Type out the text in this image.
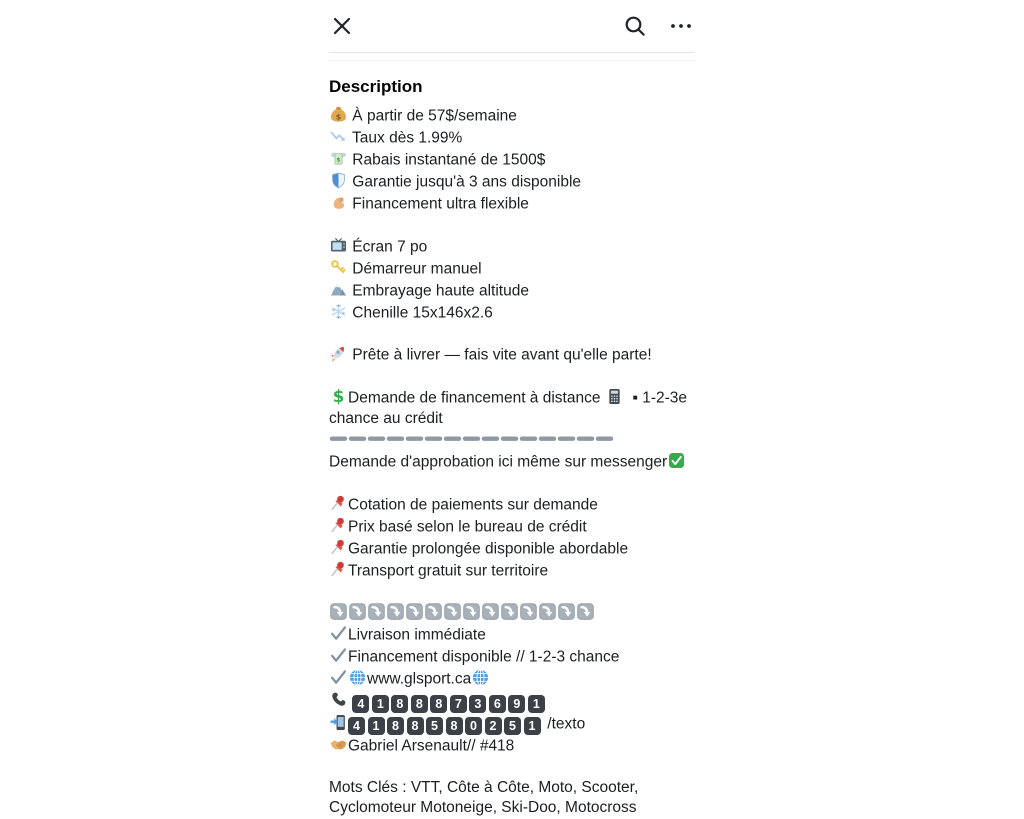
Description
À partir de 57$/semaine
Taux dès 1.99%
Rabais instantané de 1500$
Garantie jusqu'à 3 ans disponible
Financement ultra flexible
Écran 7 po
Démarreur manuel
Embrayage haute altitude
Chenille 15x146x2.6
Prête à livrer — fais vite avant qu'elle parte!
Demande de financement à distance
▪ 1-2-3e
chance au crédit
Demande d'approbation ici même sur messenger
Cotation de paiements sur demande
Prix basé selon le bureau de crédit
Garantie prolongée disponible abordable
Transport gratuit sur territoire
Livraison immédiate
Financement disponible // 1-2-3 chance
www.glsport.ca
4 1 8 8 8 7 3 6 9 1
4 1 8 8 5 8 0 2 5 1 /texto
Gabriel Arsenault// #418
Mots Clés : VTT, Côte à Côte, Moto, Scooter,
Cyclomoteur Motoneige, Ski-Doo, Motocross
